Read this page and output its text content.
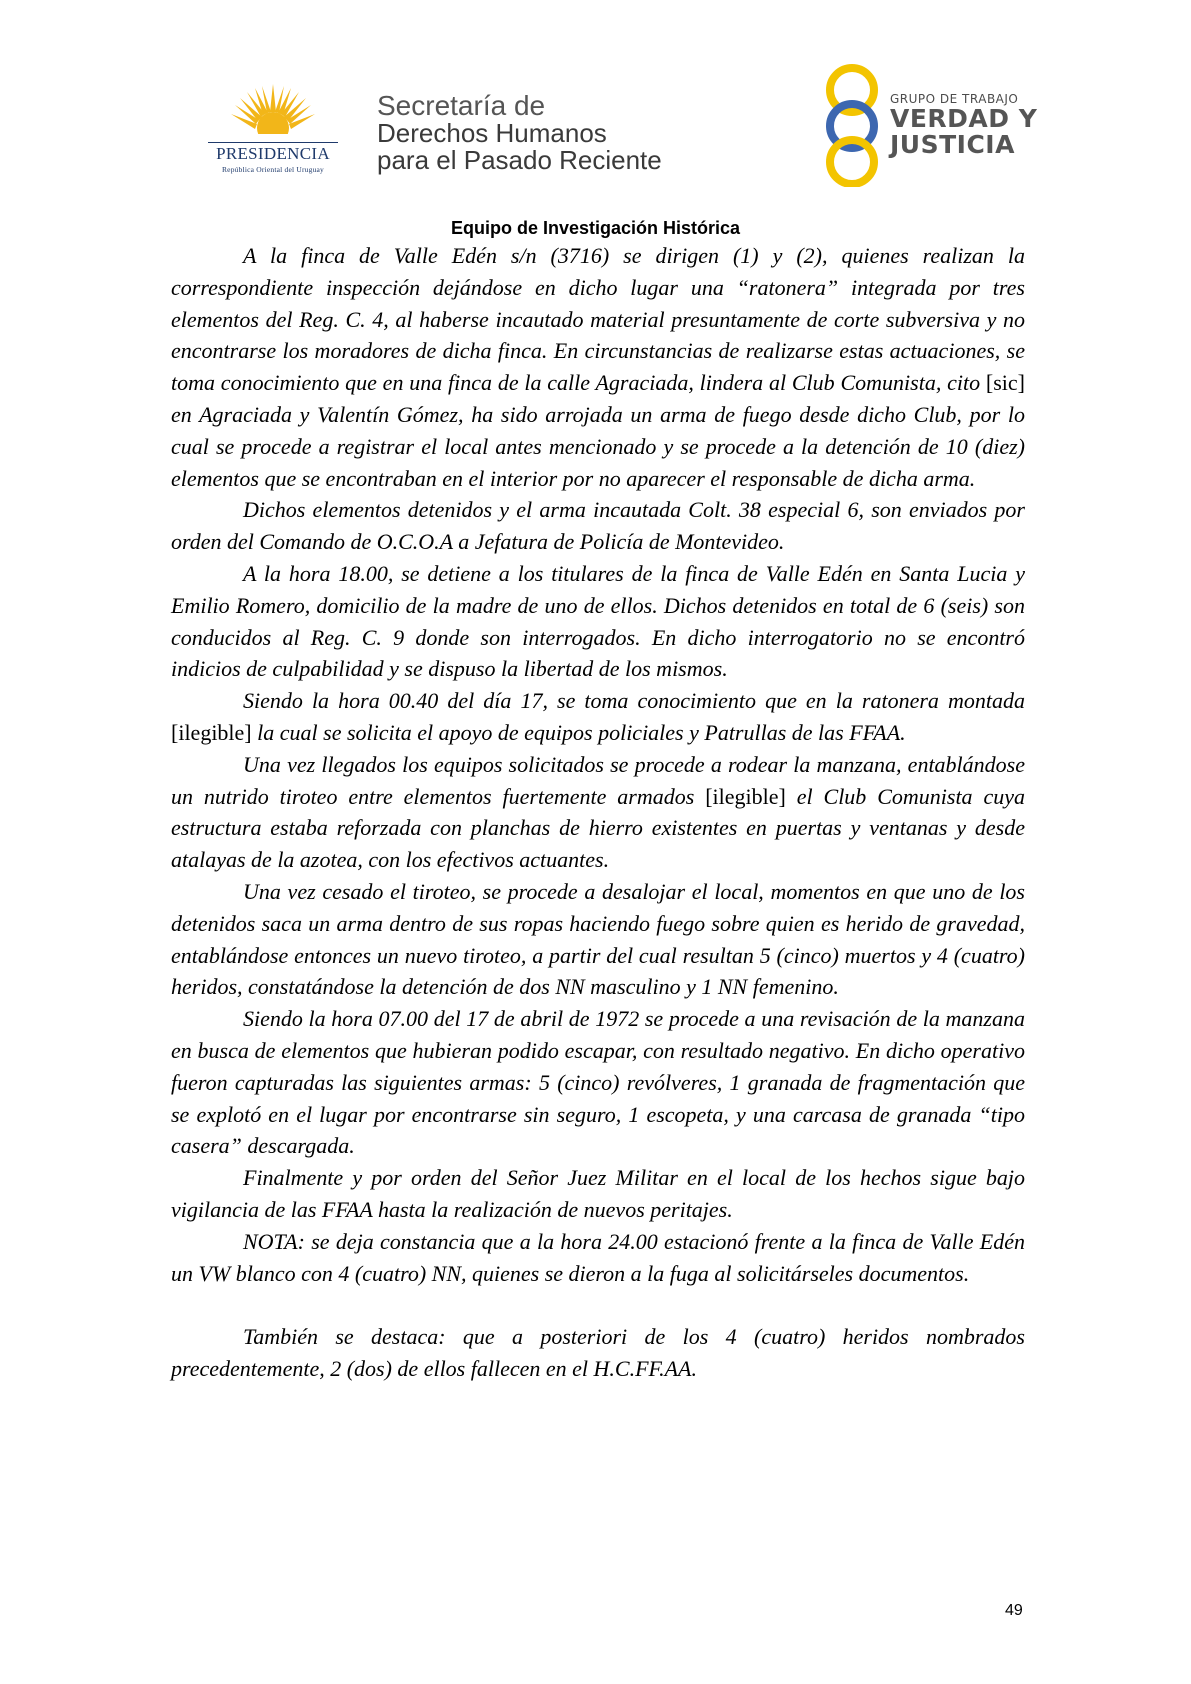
PRESIDENCIA
República Oriental del Uruguay
Secretaría de
Derechos Humanos
para el Pasado Reciente
GRUPO DE TRABAJO
VERDAD Y
JUSTICIA
Equipo de Investigación Histórica

A la finca de Valle Edén s/n (3716) se dirigen (1) y (2), quienes realizan la correspondiente inspección dejándose en dicho lugar una “ratonera” integrada por tres elementos del Reg. C. 4, al haberse incautado material presuntamente de corte subversiva y no encontrarse los moradores de dicha finca. En circunstancias de realizarse estas actuaciones, se toma conocimiento que en una finca de la calle Agraciada, lindera al Club Comunista, cito [sic] en Agraciada y Valentín Gómez, ha sido arrojada un arma de fuego desde dicho Club, por lo cual se procede a registrar el local antes mencionado y se procede a la detención de 10 (diez) elementos que se encontraban en el interior por no aparecer el responsable de dicha arma.

Dichos elementos detenidos y el arma incautada Colt. 38 especial 6, son enviados por orden del Comando de O.C.O.A a Jefatura de Policía de Montevideo.

A la hora 18.00, se detiene a los titulares de la finca de Valle Edén en Santa Lucia y Emilio Romero, domicilio de la madre de uno de ellos. Dichos detenidos en total de 6 (seis) son conducidos al Reg. C. 9 donde son interrogados. En dicho interrogatorio no se encontró indicios de culpabilidad y se dispuso la libertad de los mismos.

Siendo la hora 00.40 del día 17, se toma conocimiento que en la ratonera montada [ilegible] la cual se solicita el apoyo de equipos policiales y Patrullas de las FFAA.

Una vez llegados los equipos solicitados se procede a rodear la manzana, entablándose un nutrido tiroteo entre elementos fuertemente armados [ilegible] el Club Comunista cuya estructura estaba reforzada con planchas de hierro existentes en puertas y ventanas y desde atalayas de la azotea, con los efectivos actuantes.

Una vez cesado el tiroteo, se procede a desalojar el local, momentos en que uno de los detenidos saca un arma dentro de sus ropas haciendo fuego sobre quien es herido de gravedad, entablándose entonces un nuevo tiroteo, a partir del cual resultan 5 (cinco) muertos y 4 (cuatro) heridos, constatándose la detención de dos NN masculino y 1 NN femenino.

Siendo la hora 07.00 del 17 de abril de 1972 se procede a una revisación de la manzana en busca de elementos que hubieran podido escapar, con resultado negativo. En dicho operativo fueron capturadas las siguientes armas: 5 (cinco) revólveres, 1 granada de fragmentación que se explotó en el lugar por encontrarse sin seguro, 1 escopeta, y una carcasa de granada “tipo casera” descargada.

Finalmente y por orden del Señor Juez Militar en el local de los hechos sigue bajo vigilancia de las FFAA hasta la realización de nuevos peritajes.

NOTA: se deja constancia que a la hora 24.00 estacionó frente a la finca de Valle Edén un VW blanco con 4 (cuatro) NN, quienes se dieron a la fuga al solicitárseles documentos.

También se destaca: que a posteriori de los 4 (cuatro) heridos nombrados precedentemente, 2 (dos) de ellos fallecen en el H.C.FF.AA.

49
